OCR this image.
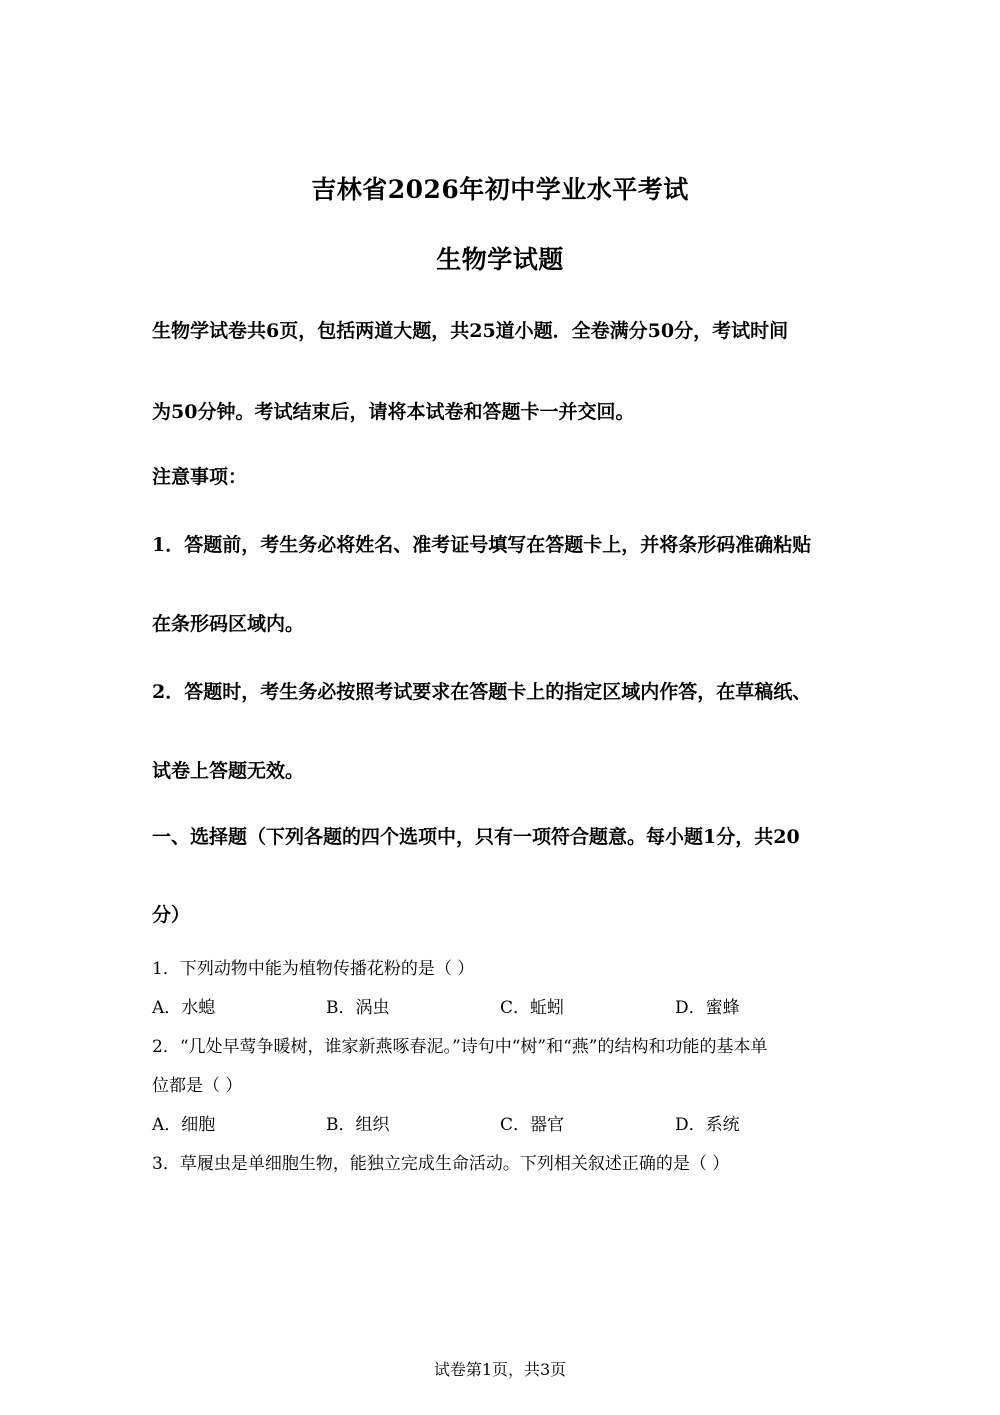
吉林省2026年初中学业水平考试
生物学试题
生物学试卷共6页，包括两道大题，共25道小题．全卷满分50分，考试时间
为50分钟。考试结束后，请将本试卷和答题卡一并交回。
注意事项：
1．答题前，考生务必将姓名、准考证号填写在答题卡上，并将条形码准确粘贴
在条形码区域内。
2．答题时，考生务必按照考试要求在答题卡上的指定区域内作答，在草稿纸、
试卷上答题无效。
一、选择题（下列各题的四个选项中，只有一项符合题意。每小题1分，共20
分）
1．下列动物中能为植物传播花粉的是（ ）
A．水螅	B．涡虫	C．蚯蚓	D．蜜蜂
2．“几处早莺争暖树，谁家新燕啄春泥。”诗句中“树”和“燕”的结构和功能的基本单
位都是（ ）
A．细胞	B．组织	C．器官	D．系统
3．草履虫是单细胞生物，能独立完成生命活动。下列相关叙述正确的是（ ）
试卷第1页，共3页
